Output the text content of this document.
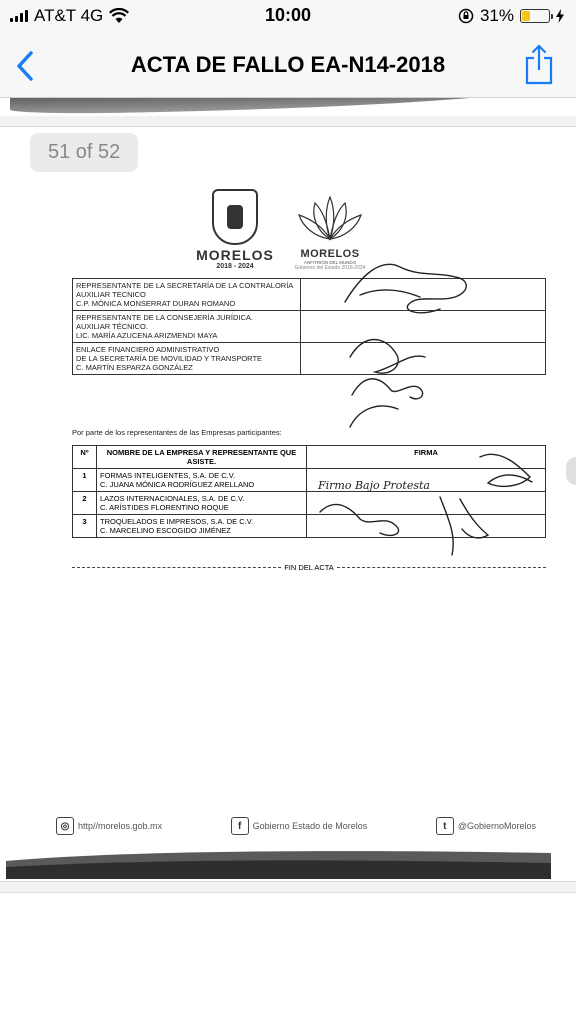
AT&T 4G	10:00	31%
ACTA DE FALLO EA-N14-2018
51 of 52
MORELOS
2018 - 2024
MORELOS
ANFITRIÓN DEL MUNDO
Gobierno del Estado 2018-2024
REPRESENTANTE DE LA SECRETARÍA DE LA CONTRALORÍA
AUXILIAR TECNICO
C.P. MÓNICA MONSERRAT DURAN ROMANO	

REPRESENTANTE DE LA CONSEJERÍA JURÍDICA.
AUXILIAR TÉCNICO.
LIC. MARÍA AZUCENA ARIZMENDI MAYA	

ENLACE FINANCIERO ADMINISTRATIVO
DE LA SECRETARÍA DE MOVILIDAD Y TRANSPORTE
C. MARTÍN ESPARZA GONZÁLEZ	

Por parte de los representantes de las Empresas participantes:
Nº	NOMBRE DE LA EMPRESA Y REPRESENTANTE QUE ASISTE.	FIRMA
1	FORMAS INTELIGENTES, S.A. DE C.V.
C. JUANA MÓNICA RODRÍGUEZ ARELLANO	

2	LAZOS INTERNACIONALES, S.A. DE C.V.
C. ARÍSTIDES FLORENTINO ROQUE	

3	TROQUELADOS E IMPRESOS, S.A. DE C.V.
C. MARCELINO ESCOGIDO JIMÉNEZ	

FIN DEL ACTA
Firmo Bajo Protesta
◎ http//morelos.gob.mx	f	Gobierno Estado de Morelos	t	@GobiernoMorelos
